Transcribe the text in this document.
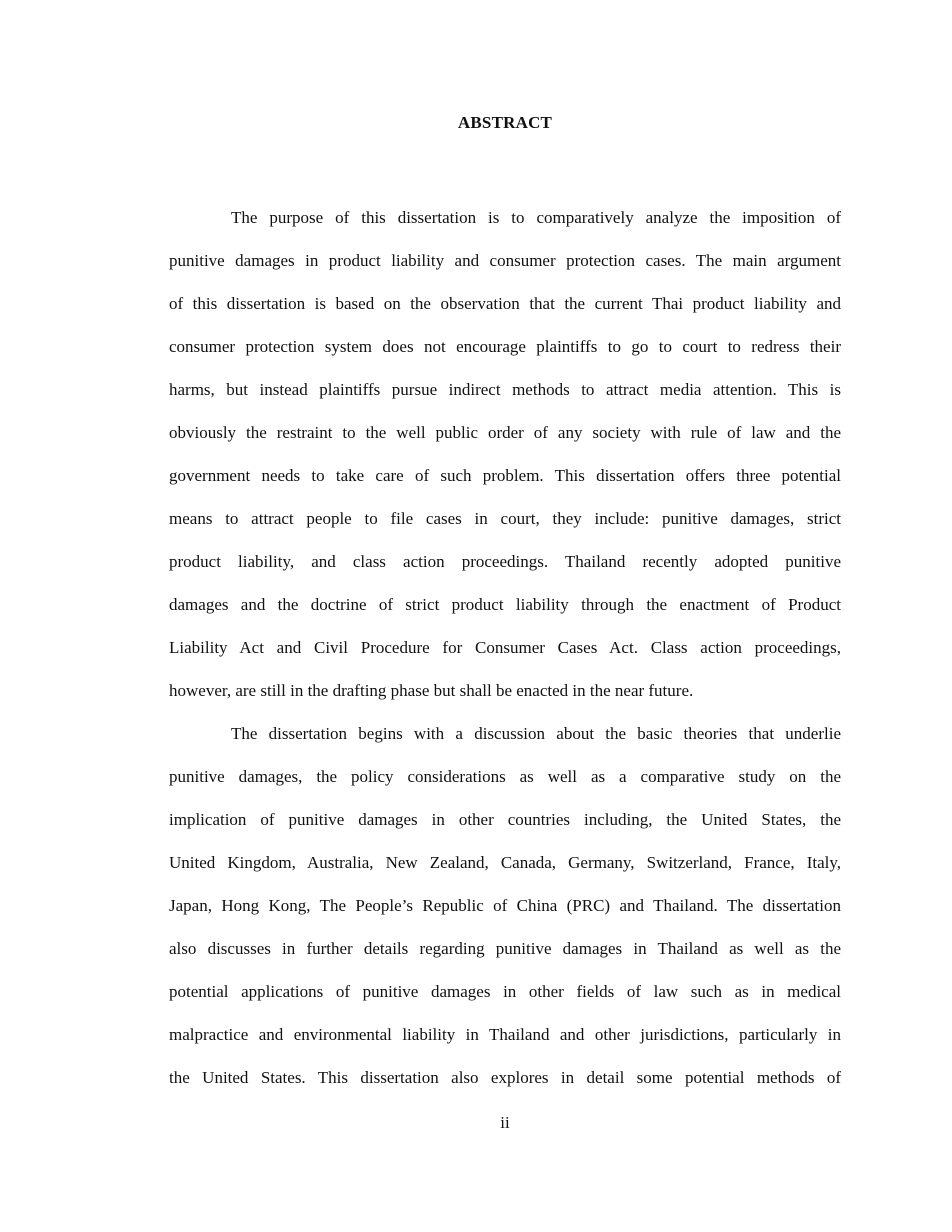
ABSTRACT
The purpose of this dissertation is to comparatively analyze the imposition of
punitive damages in product liability and consumer protection cases. The main argument
of this dissertation is based on the observation that the current Thai product liability and
consumer protection system does not encourage plaintiffs to go to court to redress their
harms, but instead plaintiffs pursue indirect methods to attract media attention. This is
obviously the restraint to the well public order of any society with rule of law and the
government needs to take care of such problem. This dissertation offers three potential
means to attract people to file cases in court, they include: punitive damages, strict
product liability, and class action proceedings. Thailand recently adopted punitive
damages and the doctrine of strict product liability through the enactment of Product
Liability Act and Civil Procedure for Consumer Cases Act. Class action proceedings,
however, are still in the drafting phase but shall be enacted in the near future.
The dissertation begins with a discussion about the basic theories that underlie
punitive damages, the policy considerations as well as a comparative study on the
implication of punitive damages in other countries including, the United States, the
United Kingdom, Australia, New Zealand, Canada, Germany, Switzerland, France, Italy,
Japan, Hong Kong, The People’s Republic of China (PRC) and Thailand. The dissertation
also discusses in further details regarding punitive damages in Thailand as well as the
potential applications of punitive damages in other fields of law such as in medical
malpractice and environmental liability in Thailand and other jurisdictions, particularly in
the United States. This dissertation also explores in detail some potential methods of
ii
